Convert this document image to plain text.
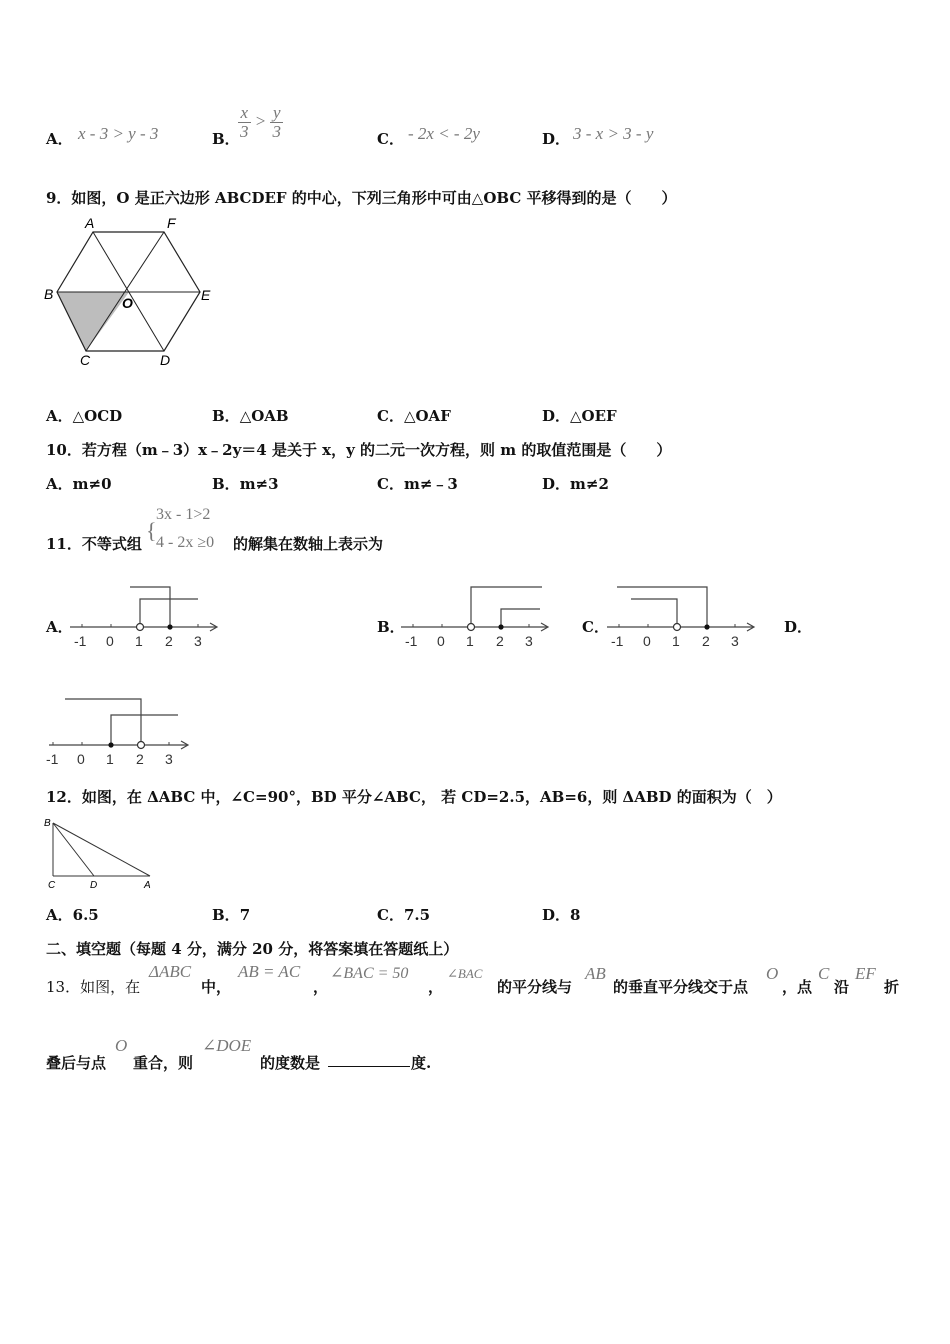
A． x - 3 > y - 3	B．
$\frac{x}{3} > \frac{y}{3}$	C． - 2x < - 2y	D． 3 - x > 3 - y
9．如图，O 是正六边形 ABCDEF 的中心，下列三角形中可由△OBC 平移得到的是（　　）
A	F
B
O	E
C	D
A．△OCD	B．△OAB	C．△OAF	D．△OEF
10．若方程（m﹣3）x﹣2y＝4 是关于 x，y 的二元一次方程，则 m 的取值范围是（　　）
A．m≠0	B．m≠3	C．m≠﹣3	D．m≠2
11．不等式组
{
3x - 1>2
4 - 2x ≥0 的解集在数轴上表示为
A．	B．	C．	D．
-1 0 1 2 3	-1 0 1 2 3	-1 0 1 2 3
-1 0 1 2 3
12．如图，在 ΔABC 中，∠C=90°，BD 平分∠ABC， 若 CD=2.5，AB=6，则 ΔABD 的面积为（　）
B
C	D	A
A．6.5	B．7	C．7.5	D．8
二、填空题（每题 4 分，满分 20 分，将答案填在答题纸上）
13．如图，在
ΔABC
中，
AB = AC
，
∠BAC = 50
，
∠BAC
的平分线与
AB
的垂直平分线交于点
O
，点
C
沿
EF
折
叠后与点
O
重合，则
∠DOE
的度数是	度.
